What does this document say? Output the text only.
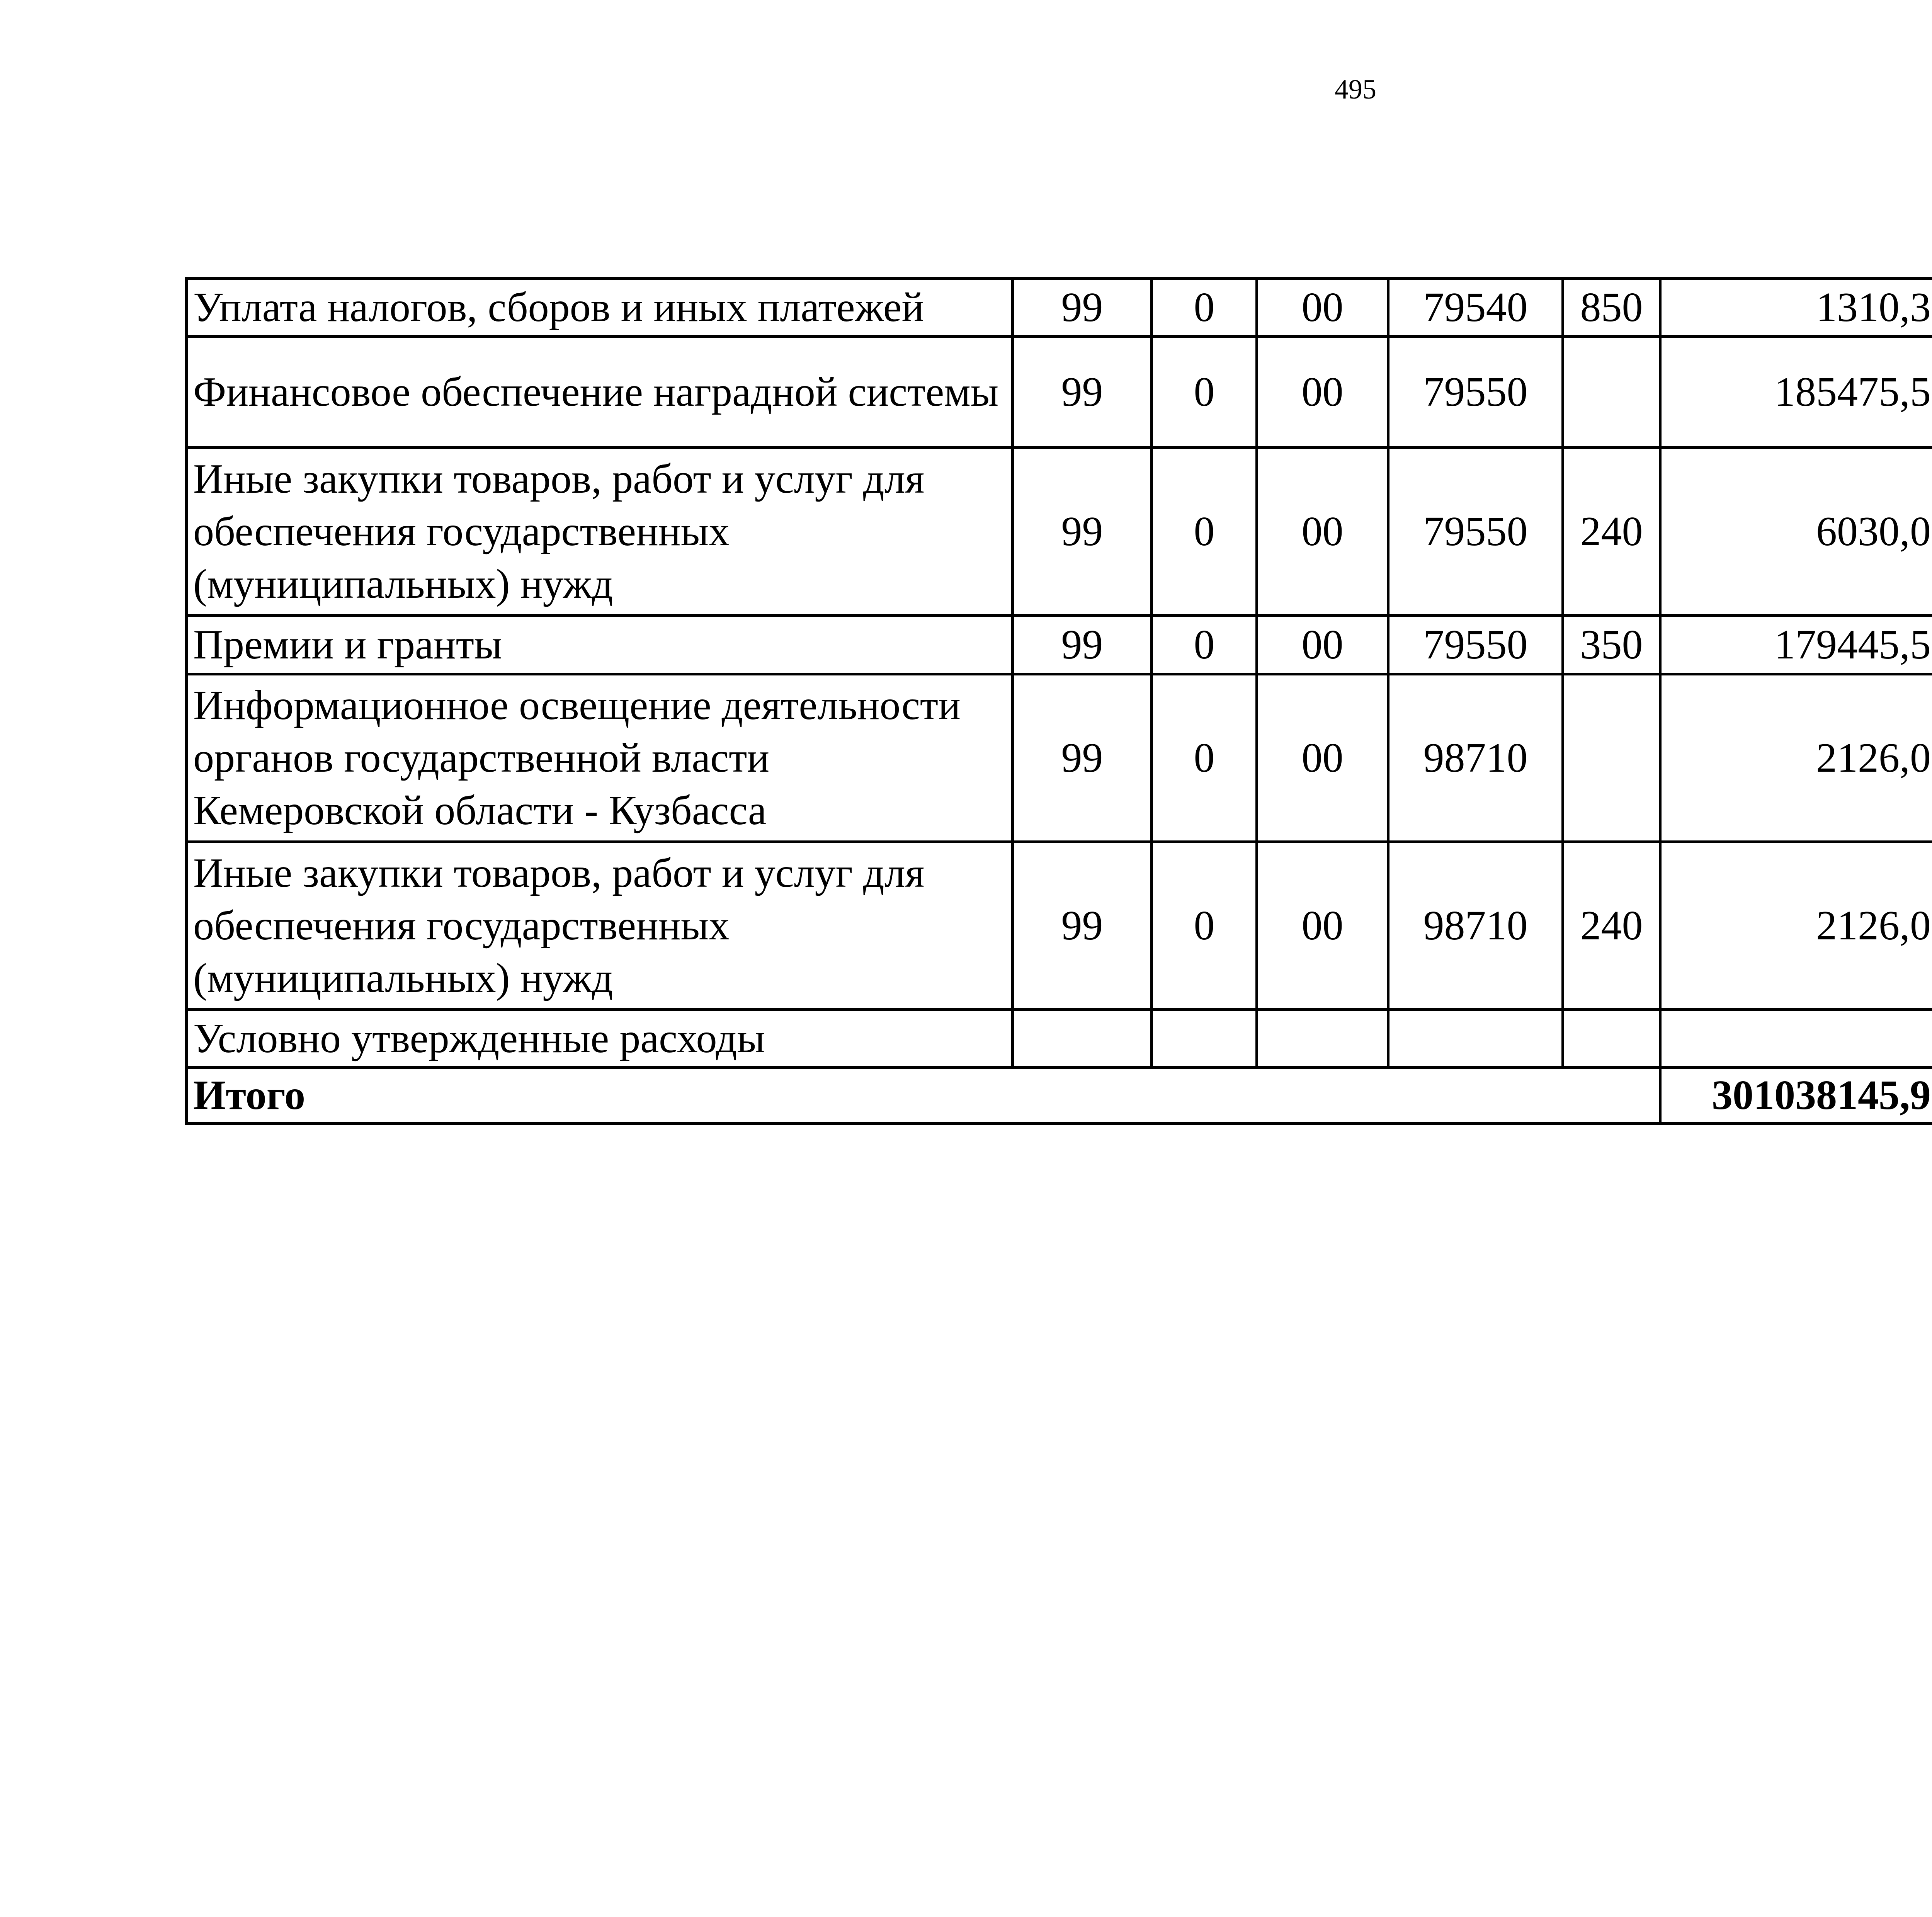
495
Уплата налогов, сборов и иных платежей	99	0	00	79540	850	1310,3		
Финансовое обеспечение наградной системы	99	0	00	79550		185475,5		
Иные закупки товаров, работ и услуг для обеспечения государственных (муниципальных) нужд	99	0	00	79550	240	6030,0		
Премии и гранты	99	0	00	79550	350	179445,5		
Информационное освещение деятельности органов государственной власти Кемеровской области - Кузбасса	99	0	00	98710		2126,0		
Иные закупки товаров, работ и услуг для обеспечения государственных (муниципальных) нужд	99	0	00	98710	240	2126,0		
Условно утвержденные расходы								
Итого						301038145,9		
